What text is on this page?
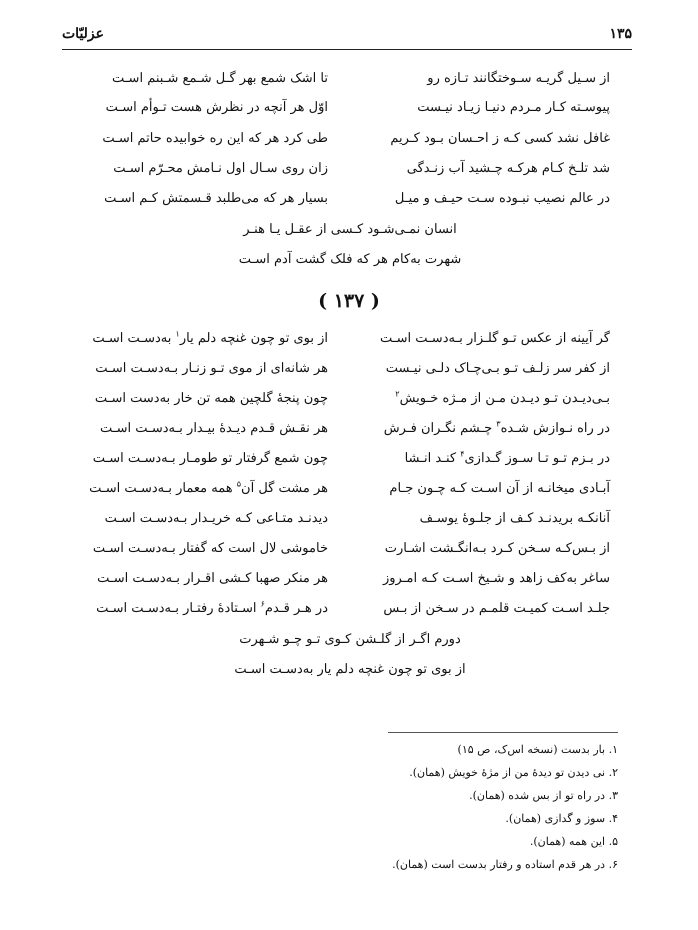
۱۳۵
عزلیّات
از سـیل گریـه سـوختگانند تـازه رو
تا اشک شمع بهر گـل شـمع شـبنم اسـت
پیوسـته کـار مـردم دنیـا زیـاد نیـست
اوّل هر آنچه در نظرش هست تـوأم اسـت
غافل نشد کسی کـه ز احـسان بـود کـریم
طی کرد هر که این ره خوابیده حاتم اسـت
شد تلـخ کـام هرکـه چـشید آب زنـدگی
زان روی سـال اول نـامش محـرّم اسـت
در عالم نصیب نبـوده سـت حیـف و میـل
بسیار هر که می‌طلبد قـسمتش کـم اسـت
انسان نمـی‌شـود کـسی از عقـل یـا هنـر
شهرت به‌کام هر که فلک گشت آدم اسـت
( ۱۳۷ )
گر آیینه از عکس تـو گلـزار بـه‌دسـت اسـت
از بوی تو چون غنچه دلم یار$^۱$ به‌دسـت اسـت
از کفر سر زلـف تـو بـی‌چـاک دلـی نیـست
هر شانه‌ای از موی تـو زنـار بـه‌دسـت اسـت
بـی‌دیـدن تـو دیـدن مـن از مـژه خـویش$^۲$
چون پنجهٔ گلچین همه تن خار به‌دست اسـت
در راه نـوازش شـده$^۳$ چـشم نگـران فـرش
هر نقـش قـدم دیـدهٔ بیـدار بـه‌دسـت اسـت
در بـزم تـو تـا سـوز گـدازی$^۴$ کنـد انـشا
چون شمع گرفتار تو طومـار بـه‌دسـت اسـت
آبـادی میخانـه از آن اسـت کـه چـون جـام
هر مشت گل آن$^۵$ همه معمار بـه‌دسـت اسـت
آنانکـه بریدنـد کـف از جلـوهٔ یوسـف
دیدنـد متـاعی کـه خریـدار بـه‌دسـت اسـت
از بـس‌کـه سـخن کـرد بـه‌انگـشت اشـارت
خاموشی لال است که گفتار بـه‌دسـت اسـت
ساغر به‌کف زاهد و شـیخ اسـت کـه امـروز
هر منکر صهبا کـشی اقـرار بـه‌دسـت اسـت
جلـد اسـت کمیـت قلمـم در سـخن از بـس
در هـر قـدم$^۶$ اسـتادهٔ رفتـار بـه‌دسـت اسـت
دورم اگـر از گلـشن کـوی تـو چـو شـهرت
از بوی تو چون غنچه دلم یار به‌دسـت اسـت
۱. بار بدست (نسخه اس‌ک، ص ۱۵)
۲. نی دیدن تو دیدهٔ من از مژهٔ خویش (همان).
۳. در راه تو از بس شده (همان).
۴. سوز و گدازی (همان).
۵. این همه (همان).
۶. در هر قدم استاده و رفتار بدست است (همان).
